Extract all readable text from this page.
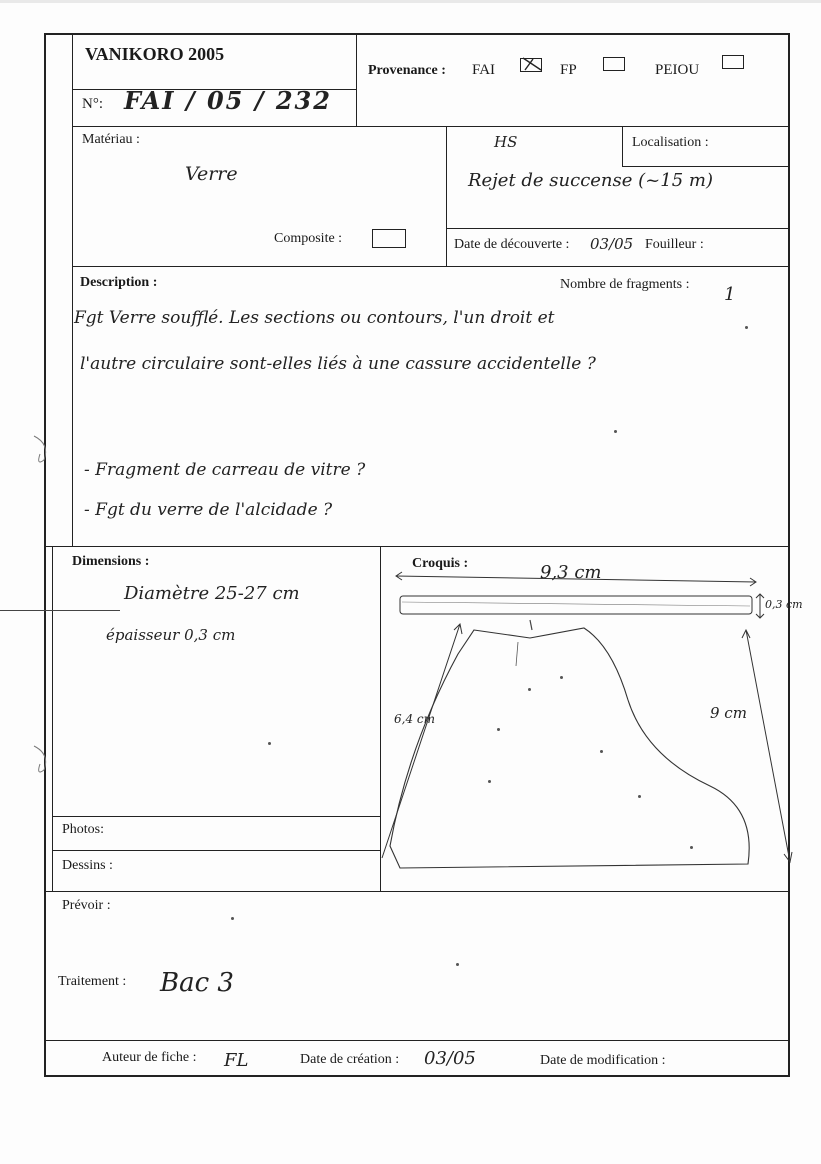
VANIKORO 2005
Provenance : FAI	FP	PEIOU
N°: FAI / 05 / 232
Matériau :
Verre
HS	Localisation :
Rejet de succense (~15 m)
Composite :	Date de découverte : 03/05 Fouilleur :
Description :	Nombre de fragments : 1
Fgt Verre soufflé. Les sections ou contours, l'un droit et
l'autre circulaire sont-elles liés à une cassure accidentelle ?
- Fragment de carreau de vitre ?
- Fgt du verre de l'alcidade ?
Dimensions :
Diamètre 25-27 cm
épaisseur 0,3 cm
Croquis :	9,3 cm
0,3 cm
6,4 cm	9 cm
Photos:
Dessins :
Prévoir :
Traitement : Bac 3
Auteur de fiche : FL	Date de création : 03/05	Date de modification :
